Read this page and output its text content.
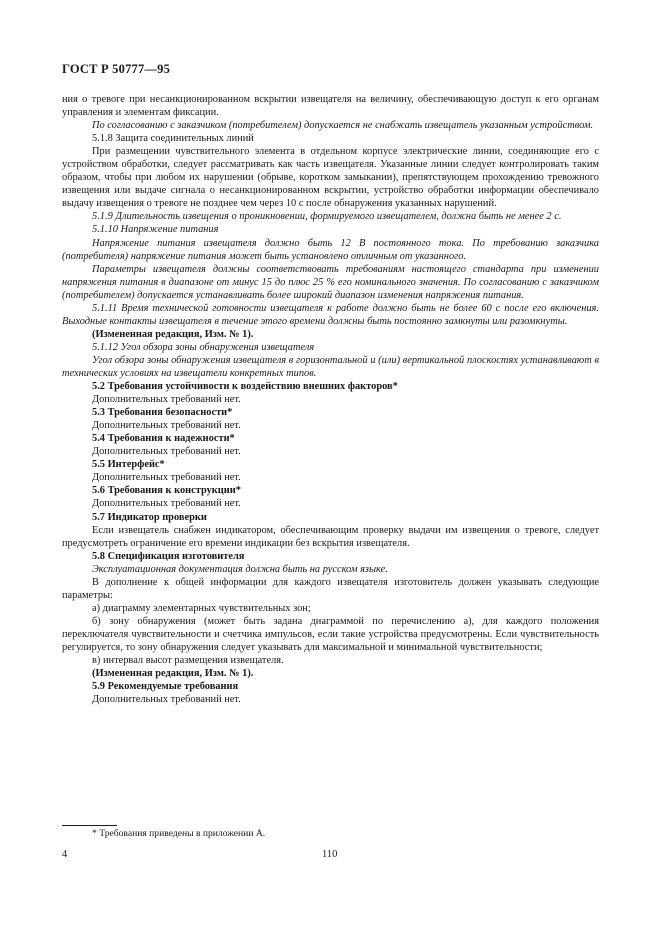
ГОСТ Р 50777—95

ния о тревоге при несанкционированном вскрытии извещателя на величину, обеспечивающую доступ к его органам управления и элементам фиксации.

По согласованию с заказчиком (потребителем) допускается не снабжать извещатель указанным устройством.

5.1.8 Защита соединительных линий

При размещении чувствительного элемента в отдельном корпусе электрические линии, соединяющие его с устройством обработки, следует рассматривать как часть извещателя. Указанные линии следует контролировать таким образом, чтобы при любом их нарушении (обрыве, коротком замыкании), препятствующем прохождению тревожного извещения или выдаче сигнала о несанкционированном вскрытии, устройство обработки информации обеспечивало выдачу извещения о тревоге не позднее чем через 10 с после обнаружения указанных нарушений.

5.1.9 Длительность извещения о проникновении, формируемого извещателем, должна быть не менее 2 с.

5.1.10 Напряжение питания

Напряжение питания извещателя должно быть 12 В постоянного тока. По требованию заказчика (потребителя) напряжение питания может быть установлено отличным от указанного.

Параметры извещателя должны соответствовать требованиям настоящего стандарта при изменении напряжения питания в диапазоне от минус 15 до плюс 25 % его номинального значения. По согласованию с заказчиком (потребителем) допускается устанавливать более широкий диапазон изменения напряжения питания.

5.1.11 Время технической готовности извещателя к работе должно быть не более 60 с после его включения. Выходные контакты извещателя в течение этого времени должны быть постоянно замкнуты или разомкнуты.

(Измененная редакция, Изм. № 1).

5.1.12 Угол обзора зоны обнаружения извещателя

Угол обзора зоны обнаружения извещателя в горизонтальной и (или) вертикальной плоскостях устанавливают в технических условиях на извещатели конкретных типов.

5.2 Требования устойчивости к воздействию внешних факторов*

Дополнительных требований нет.

5.3 Требования безопасности*

Дополнительных требований нет.

5.4 Требования к надежности*

Дополнительных требований нет.

5.5 Интерфейс*

Дополнительных требований нет.

5.6 Требования к конструкции*

Дополнительных требований нет.

5.7 Индикатор проверки

Если извещатель снабжен индикатором, обеспечивающим проверку выдачи им извещения о тревоге, следует предусмотреть ограничение его времени индикации без вскрытия извещателя.

5.8 Спецификация изготовителя

Эксплуатационная документация должна быть на русском языке.

В дополнение к общей информации для каждого извещателя изготовитель должен указывать следующие параметры:

а) диаграмму элементарных чувствительных зон;

б) зону обнаружения (может быть задана диаграммой по перечислению а), для каждого положения переключателя чувствительности и счетчика импульсов, если такие устройства предусмотрены. Если чувствительность регулируется, то зону обнаружения следует указывать для максимальной и минимальной чувствительности;

в) интервал высот размещения извещателя.

(Измененная редакция, Изм. № 1).

5.9 Рекомендуемые требования

Дополнительных требований нет.

* Требования приведены в приложении А.
4	110
